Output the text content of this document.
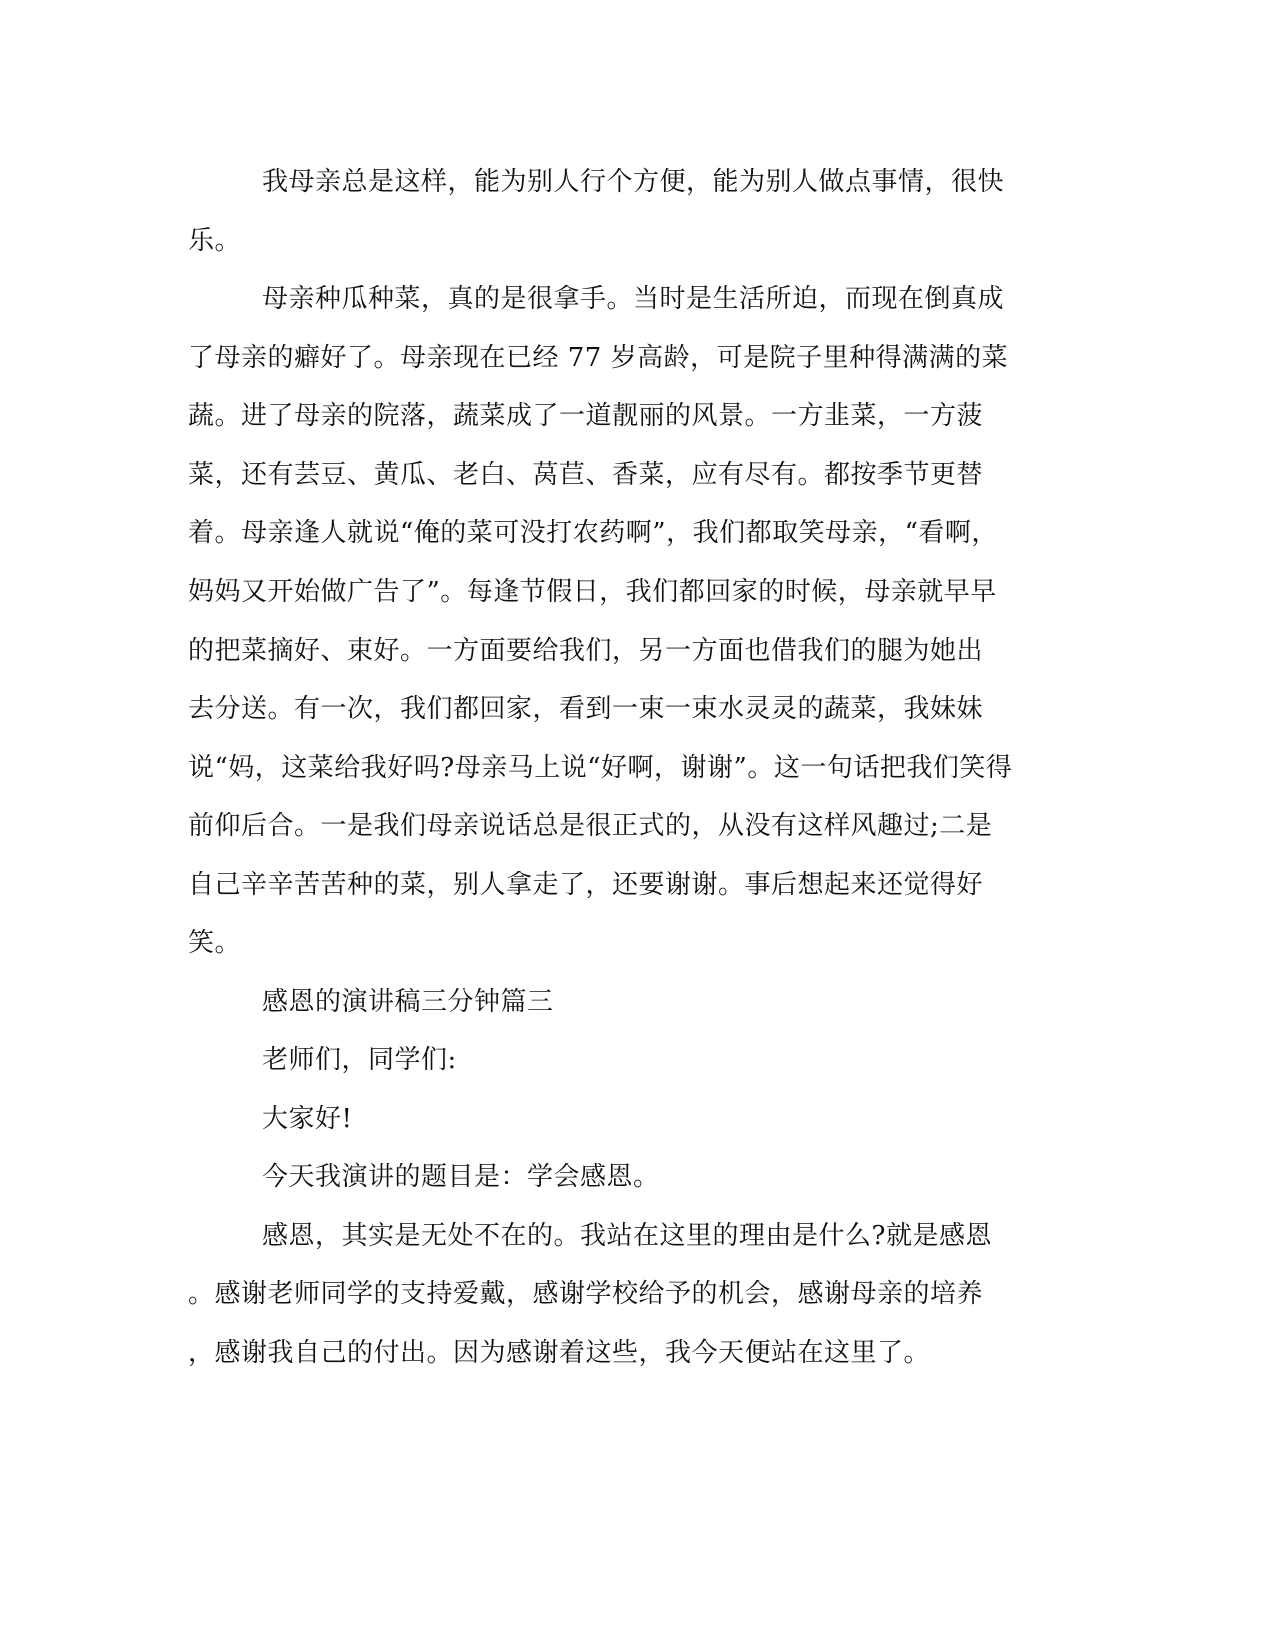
我母亲总是这样，能为别人行个方便，能为别人做点事情，很快
乐。
母亲种瓜种菜，真的是很拿手。当时是生活所迫，而现在倒真成
了母亲的癖好了。母亲现在已经 77 岁高龄，可是院子里种得满满的菜
蔬。进了母亲的院落，蔬菜成了一道靓丽的风景。一方韭菜，一方菠
菜，还有芸豆、黄瓜、老白、莴苣、香菜，应有尽有。都按季节更替
着。母亲逢人就说“俺的菜可没打农药啊”，我们都取笑母亲，“看啊，
妈妈又开始做广告了”。每逢节假日，我们都回家的时候，母亲就早早
的把菜摘好、束好。一方面要给我们，另一方面也借我们的腿为她出
去分送。有一次，我们都回家，看到一束一束水灵灵的蔬菜，我妹妹
说“妈，这菜给我好吗?母亲马上说“好啊，谢谢”。这一句话把我们笑得
前仰后合。一是我们母亲说话总是很正式的，从没有这样风趣过;二是
自己辛辛苦苦种的菜，别人拿走了，还要谢谢。事后想起来还觉得好
笑。
感恩的演讲稿三分钟篇三
老师们，同学们:
大家好!
今天我演讲的题目是：学会感恩。
感恩，其实是无处不在的。我站在这里的理由是什么?就是感恩
。感谢老师同学的支持爱戴，感谢学校给予的机会，感谢母亲的培养
，感谢我自己的付出。因为感谢着这些，我今天便站在这里了。
